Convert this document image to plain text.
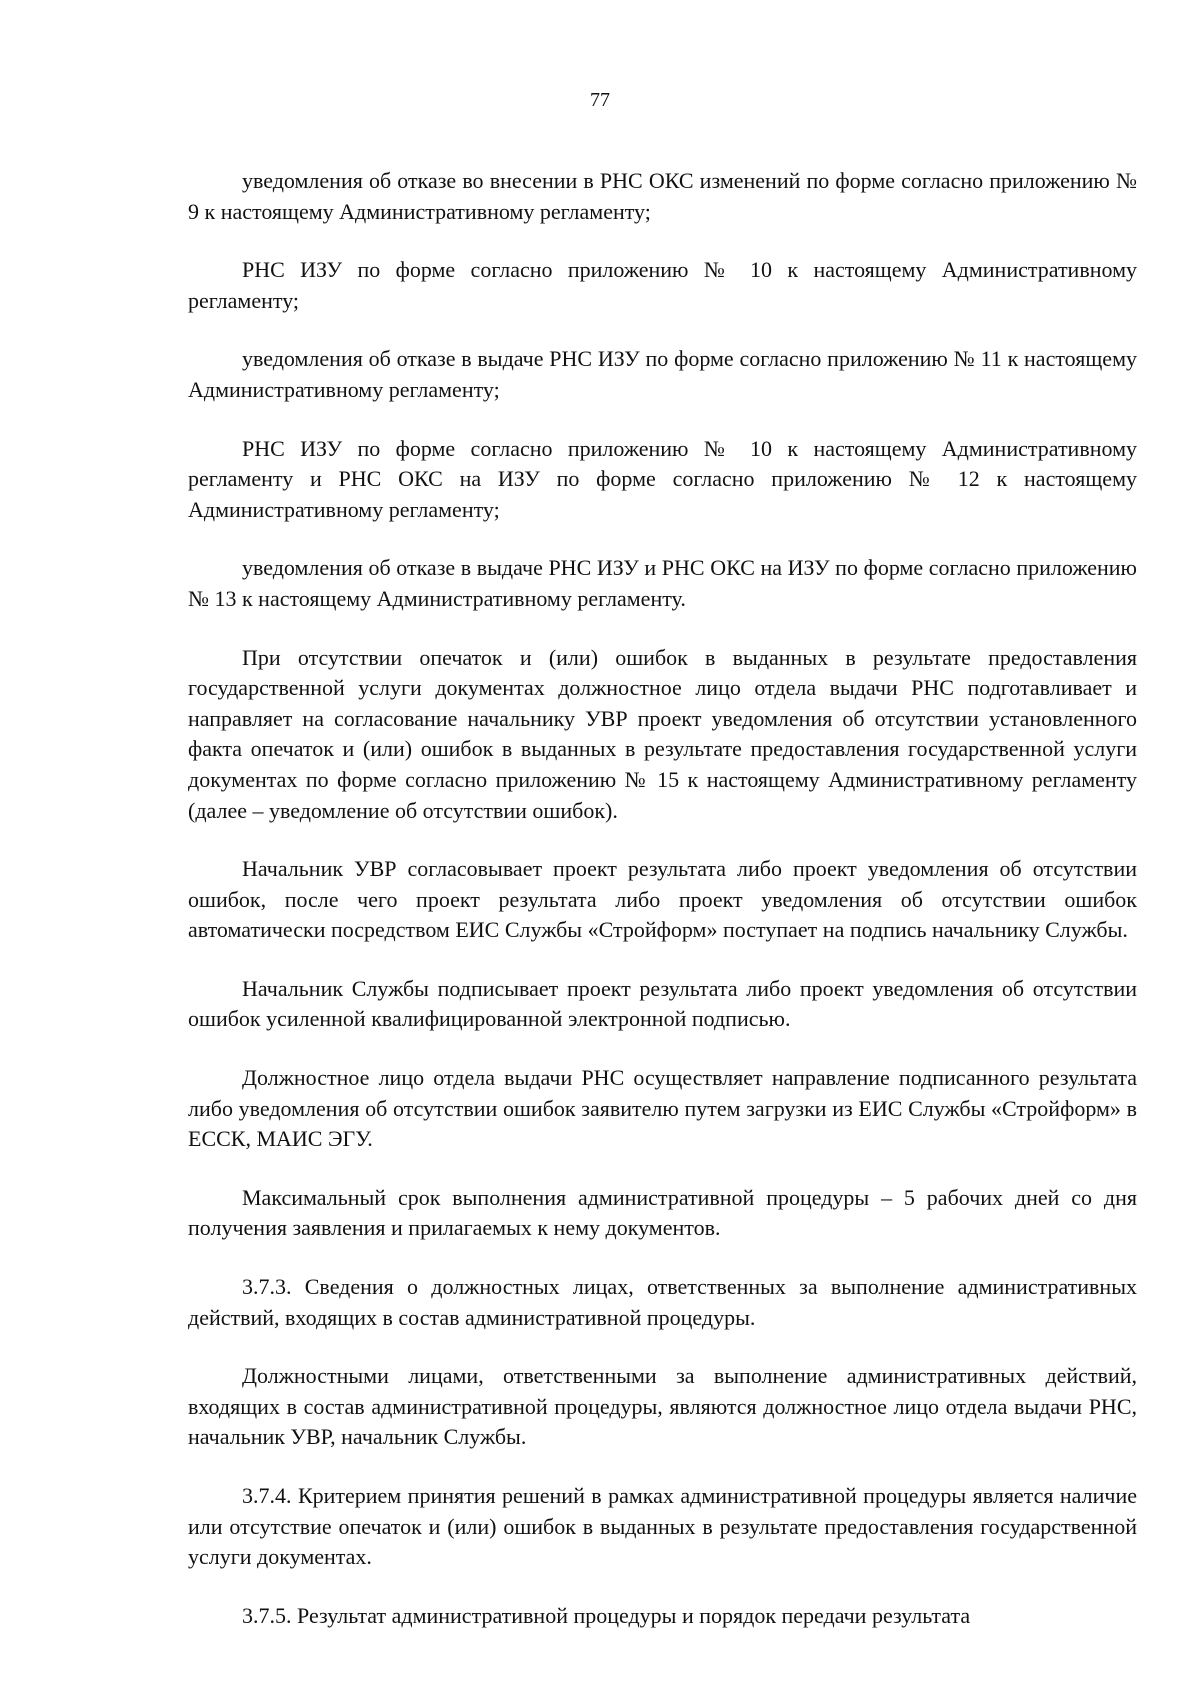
77

уведомления об отказе во внесении в РНС ОКС изменений по форме согласно приложению № 9 к настоящему Административному регламенту;

РНС ИЗУ по форме согласно приложению № 10 к настоящему Административному регламенту;

уведомления об отказе в выдаче РНС ИЗУ по форме согласно приложению № 11 к настоящему Административному регламенту;

РНС ИЗУ по форме согласно приложению № 10 к настоящему Административному регламенту и РНС ОКС на ИЗУ по форме согласно приложению № 12 к настоящему Административному регламенту;

уведомления об отказе в выдаче РНС ИЗУ и РНС ОКС на ИЗУ по форме согласно приложению № 13 к настоящему Административному регламенту.

При отсутствии опечаток и (или) ошибок в выданных в результате предоставления государственной услуги документах должностное лицо отдела выдачи РНС подготавливает и направляет на согласование начальнику УВР проект уведомления об отсутствии установленного факта опечаток и (или) ошибок в выданных в результате предоставления государственной услуги документах по форме согласно приложению № 15 к настоящему Административному регламенту (далее – уведомление об отсутствии ошибок).

Начальник УВР согласовывает проект результата либо проект уведомления об отсутствии ошибок, после чего проект результата либо проект уведомления об отсутствии ошибок автоматически посредством ЕИС Службы «Стройформ» поступает на подпись начальнику Службы.

Начальник Службы подписывает проект результата либо проект уведомления об отсутствии ошибок усиленной квалифицированной электронной подписью.

Должностное лицо отдела выдачи РНС осуществляет направление подписанного результата либо уведомления об отсутствии ошибок заявителю путем загрузки из ЕИС Службы «Стройформ» в ЕССК, МАИС ЭГУ.

Максимальный срок выполнения административной процедуры – 5 рабочих дней со дня получения заявления и прилагаемых к нему документов.

3.7.3. Сведения о должностных лицах, ответственных за выполнение административных действий, входящих в состав административной процедуры.

Должностными лицами, ответственными за выполнение административных действий, входящих в состав административной процедуры, являются должностное лицо отдела выдачи РНС, начальник УВР, начальник Службы.

3.7.4. Критерием принятия решений в рамках административной процедуры является наличие или отсутствие опечаток и (или) ошибок в выданных в результате предоставления государственной услуги документах.

3.7.5. Результат административной процедуры и порядок передачи результата
